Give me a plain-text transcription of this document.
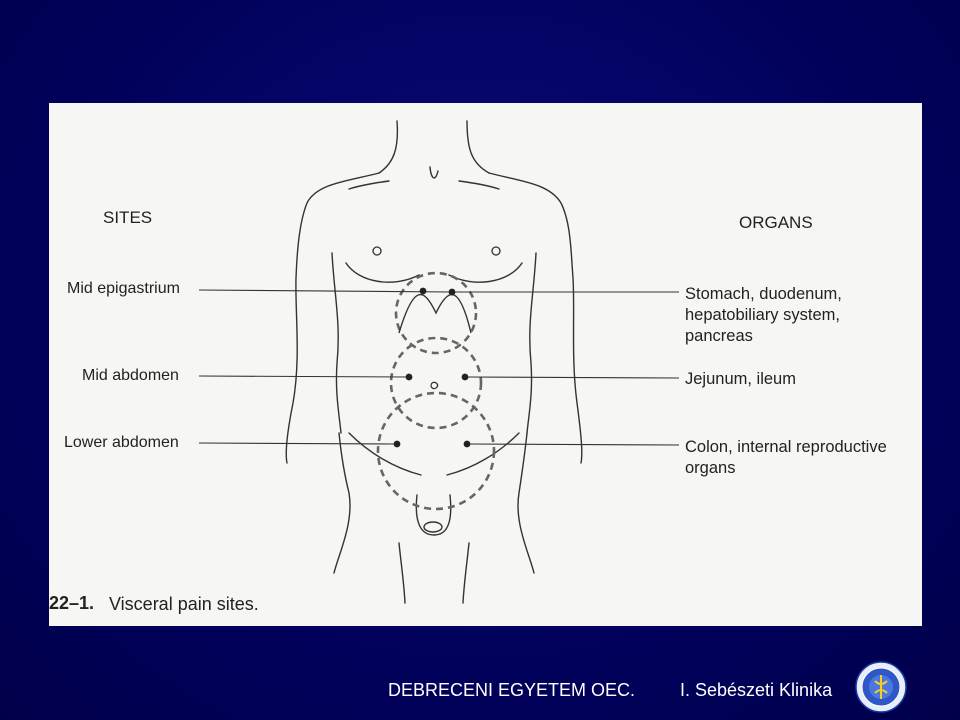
SITES	ORGANS
Mid epigastrium
Mid abdomen
Lower abdomen
Stomach, duodenum,
hepatobiliary system,
pancreas
Jejunum, ileum
Colon, internal reproductive
organs
22–1. Visceral pain sites.
DEBRECENI EGYETEM OEC. I. Sebészeti Klinika
